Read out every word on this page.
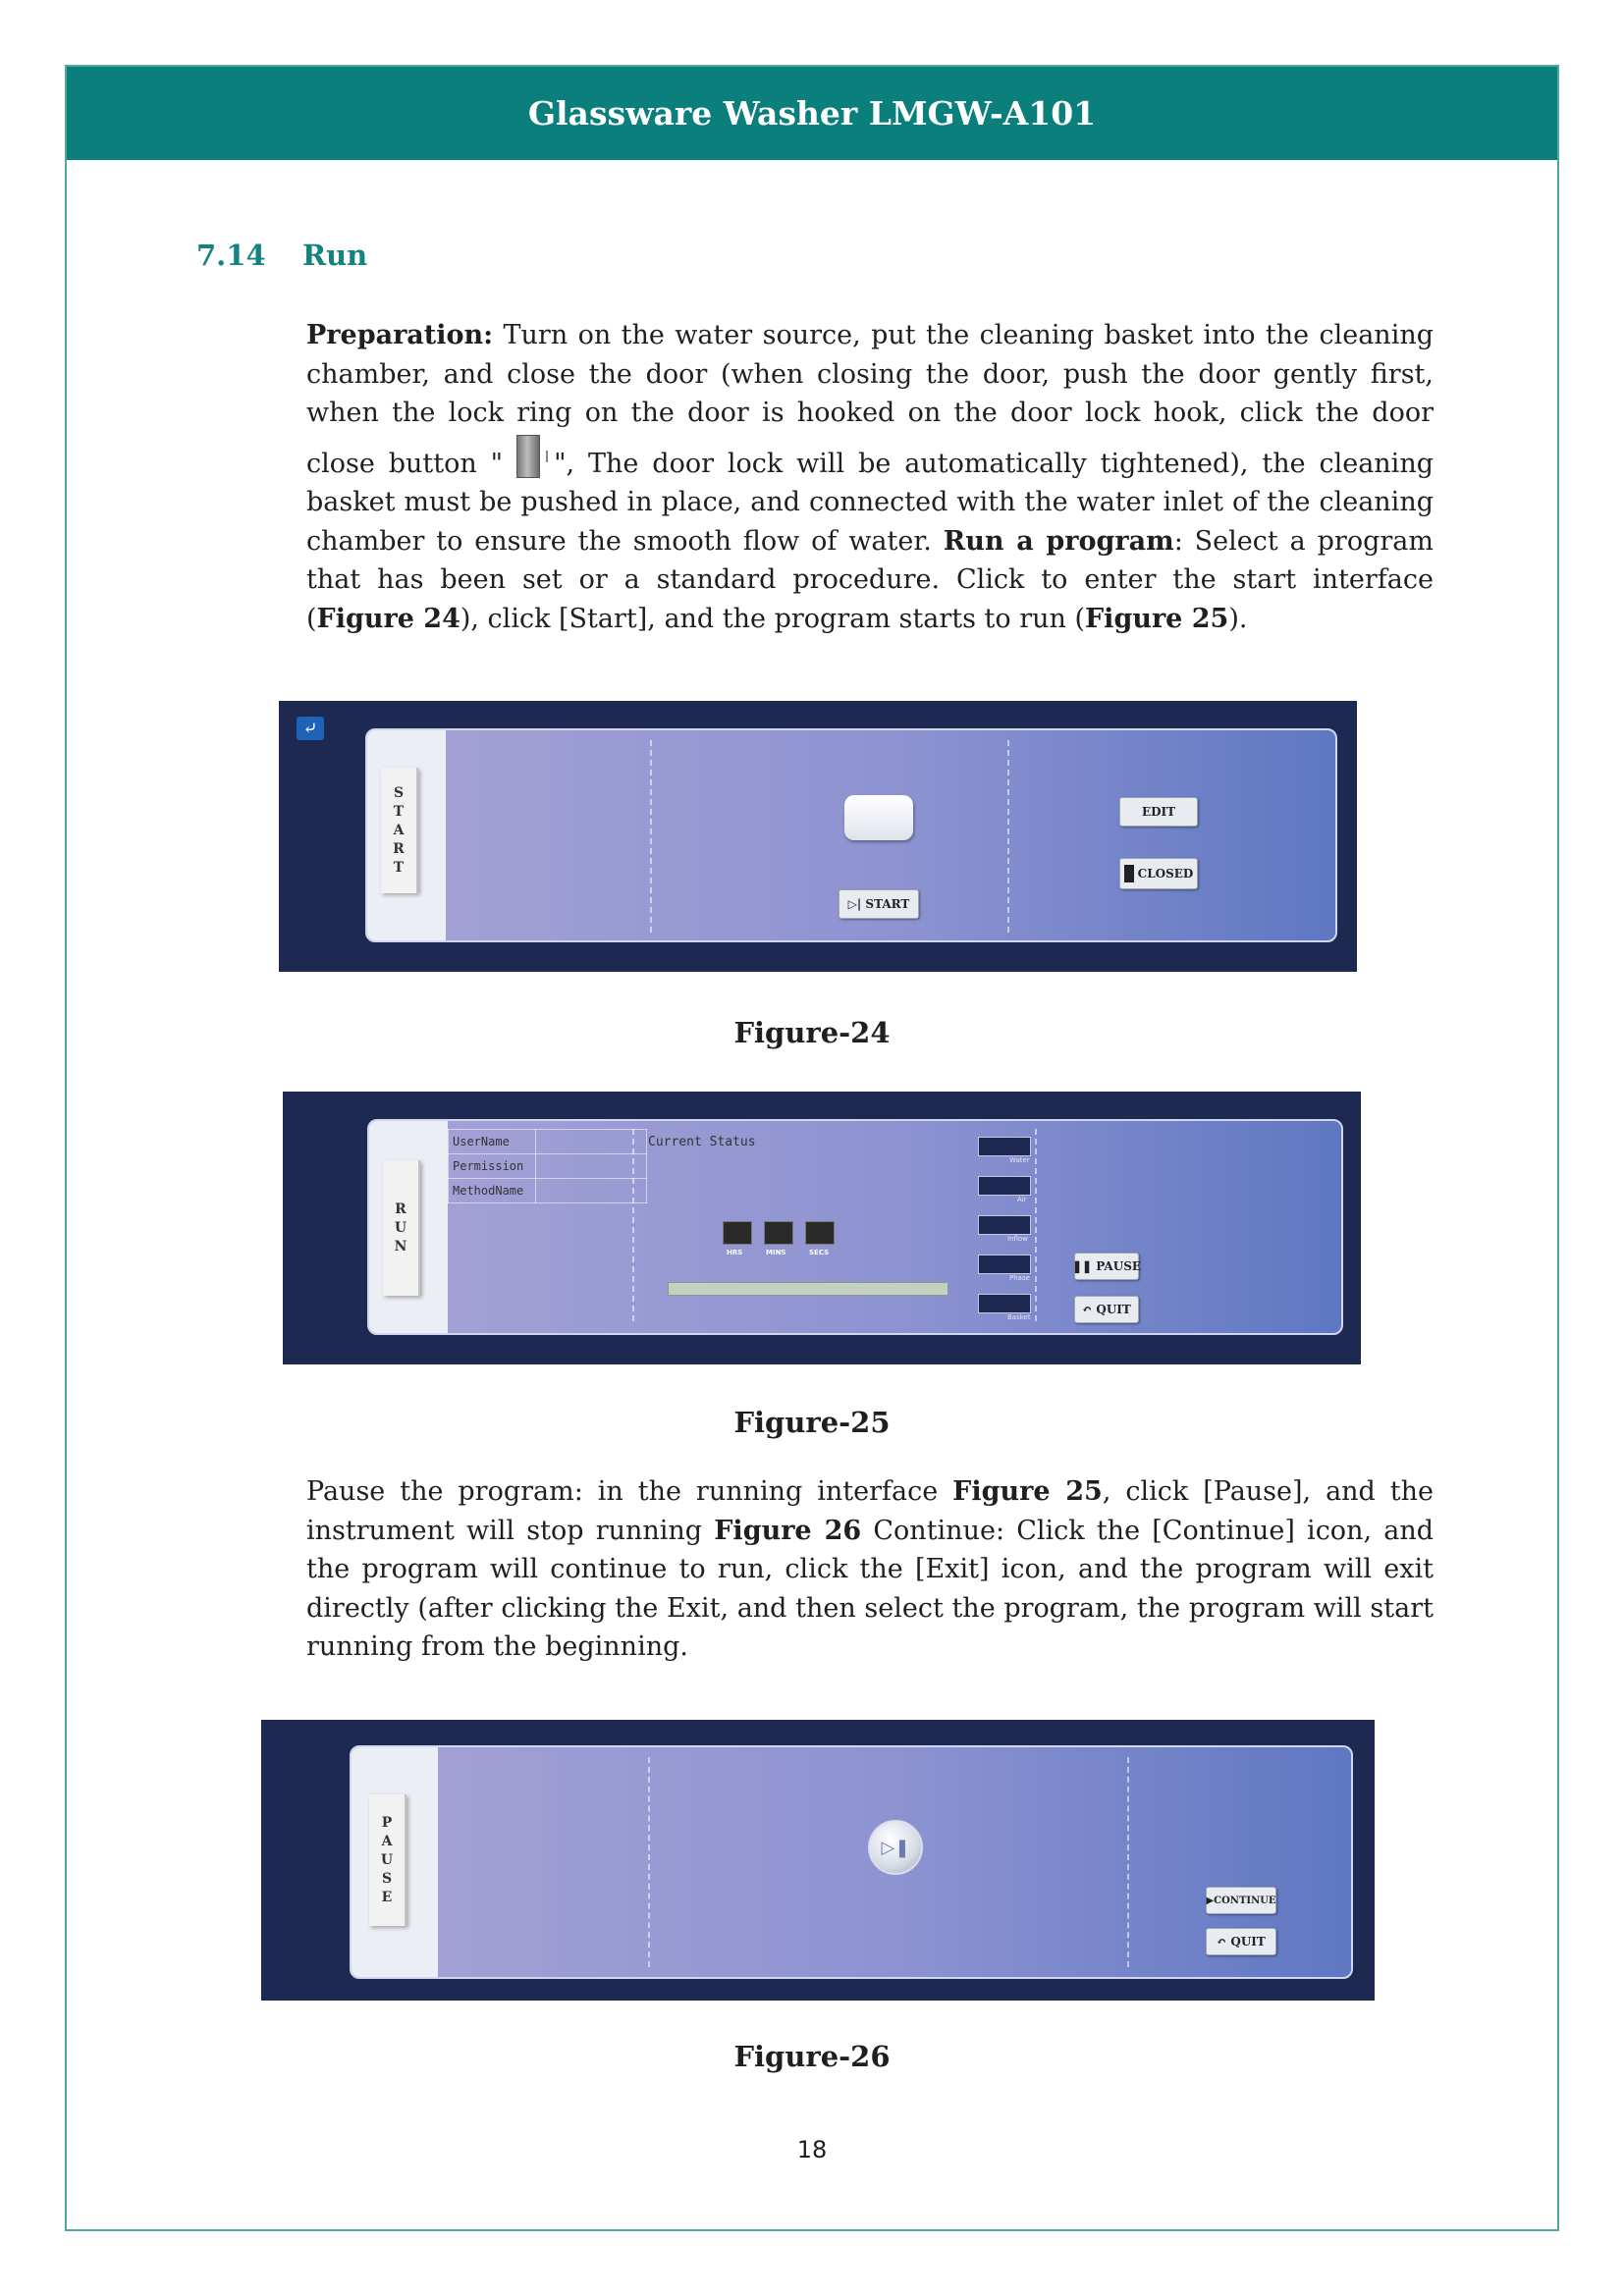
Glassware Washer LMGW-A101
7.14 Run
Preparation: Turn on the water source, put the cleaning basket into the cleaning chamber, and close the door (when closing the door, push the door gently first, when the lock ring on the door is hooked on the door lock hook, click the door close button " ", The door lock will be automatically tightened), the cleaning basket must be pushed in place, and connected with the water inlet of the cleaning chamber to ensure the smooth flow of water. Run a program: Select a program that has been set or a standard procedure. Click to enter the start interface (Figure 24), click [Start], and the program starts to run (Figure 25).
⤶
S
T
A
R
T
▷| START
EDIT
CLOSED
Figure-24
R
U
N
UserName	
Permission	
MethodName	
Current Status
HRS	MINS	SECS
Water
Air
Inflow
Phase
Basket
❚❚ PAUSE
↶ QUIT
Figure-25
Pause the program: in the running interface Figure 25, click [Pause], and the instrument will stop running Figure 26 Continue: Click the [Continue] icon, and the program will continue to run, click the [Exit] icon, and the program will exit directly (after clicking the Exit, and then select the program, the program will start running from the beginning.
P
A
U
S
E
▷❚
▶ CONTINUE
↶ QUIT
Figure-26
18
